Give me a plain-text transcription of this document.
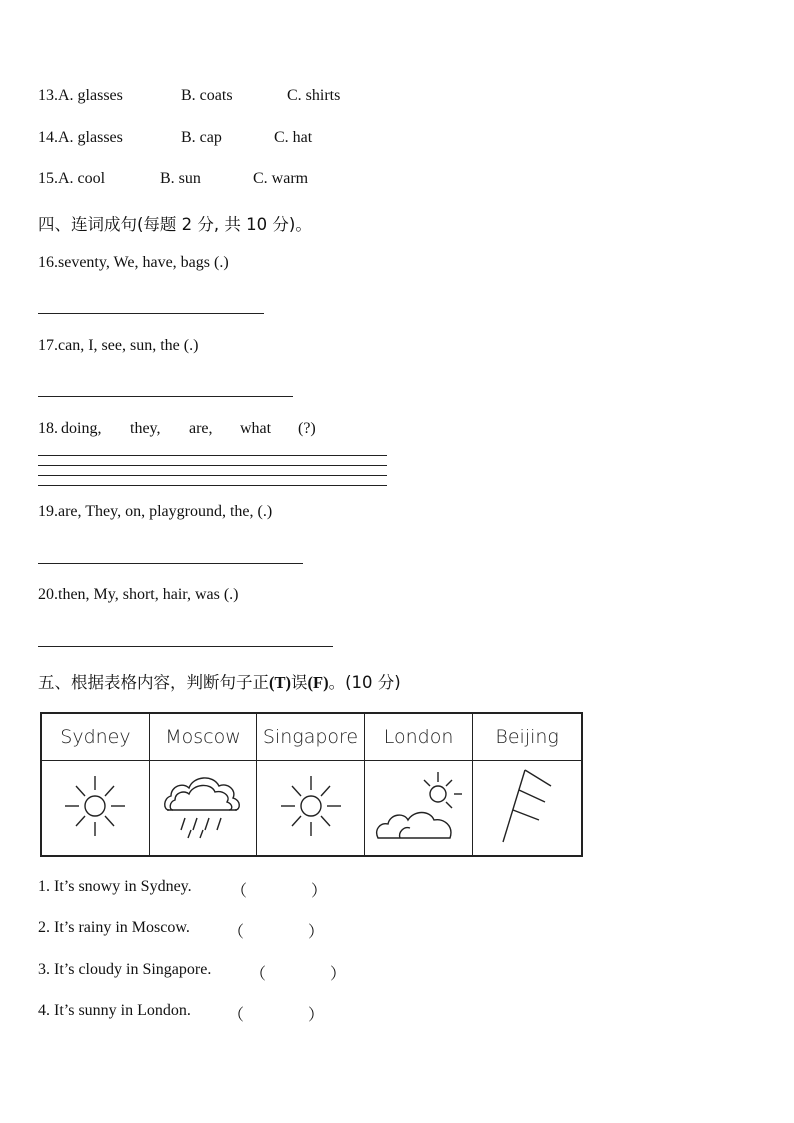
13.A. glasses	B. coats	C. shirts
14.A. glasses	B. cap	C. hat
15.A. cool	B. sun	C. warm
四、连词成句(每题 2 分, 共 10 分)。
16.seventy, We, have, bags (.)
17.can, I, see, sun, the (.)
18. doing, they, are, what (?)
19.are, They, on, playground, the, (.)
20.then, My, short, hair, was (.)
五、根据表格内容，判断句子正(T)误(F)。(10 分)
Sydney	Moscow	Singapore	London	Beijing

1. It’s snowy in Sydney. （　　　　）
2. It’s rainy in Moscow. （　　　　）
3. It’s cloudy in Singapore. （　　　　）
4. It’s sunny in London. （　　　　）
